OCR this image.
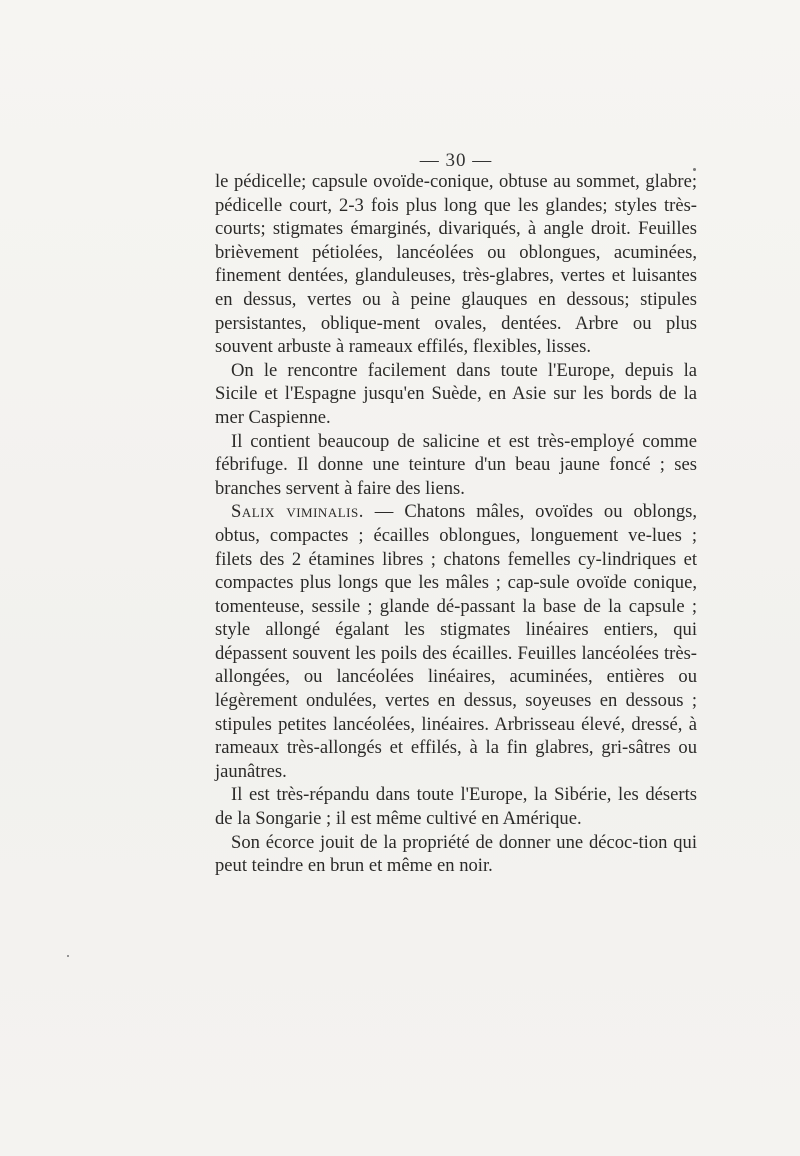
— 30 —

le pédicelle; capsule ovoïde-conique, obtuse au sommet, glabre; pédicelle court, 2-3 fois plus long que les glandes; styles très-courts; stigmates émarginés, divariqués, à angle droit. Feuilles brièvement pétiolées, lancéolées ou oblongues, acuminées, finement dentées, glanduleuses, très-glabres, vertes et luisantes en dessus, vertes ou à peine glauques en dessous; stipules persistantes, oblique-ment ovales, dentées. Arbre ou plus souvent arbuste à rameaux effilés, flexibles, lisses.

On le rencontre facilement dans toute l'Europe, depuis la Sicile et l'Espagne jusqu'en Suède, en Asie sur les bords de la mer Caspienne.

Il contient beaucoup de salicine et est très-employé comme fébrifuge. Il donne une teinture d'un beau jaune foncé ; ses branches servent à faire des liens.

Salix viminalis. — Chatons mâles, ovoïdes ou oblongs, obtus, compactes ; écailles oblongues, longuement ve-lues ; filets des 2 étamines libres ; chatons femelles cy-lindriques et compactes plus longs que les mâles ; cap-sule ovoïde conique, tomenteuse, sessile ; glande dé-passant la base de la capsule ; style allongé égalant les stigmates linéaires entiers, qui dépassent souvent les poils des écailles. Feuilles lancéolées très-allongées, ou lancéolées linéaires, acuminées, entières ou légèrement ondulées, vertes en dessus, soyeuses en dessous ; stipules petites lancéolées, linéaires. Arbrisseau élevé, dressé, à rameaux très-allongés et effilés, à la fin glabres, gri-sâtres ou jaunâtres.

Il est très-répandu dans toute l'Europe, la Sibérie, les déserts de la Songarie ; il est même cultivé en Amérique.

Son écorce jouit de la propriété de donner une décoc-tion qui peut teindre en brun et même en noir.
